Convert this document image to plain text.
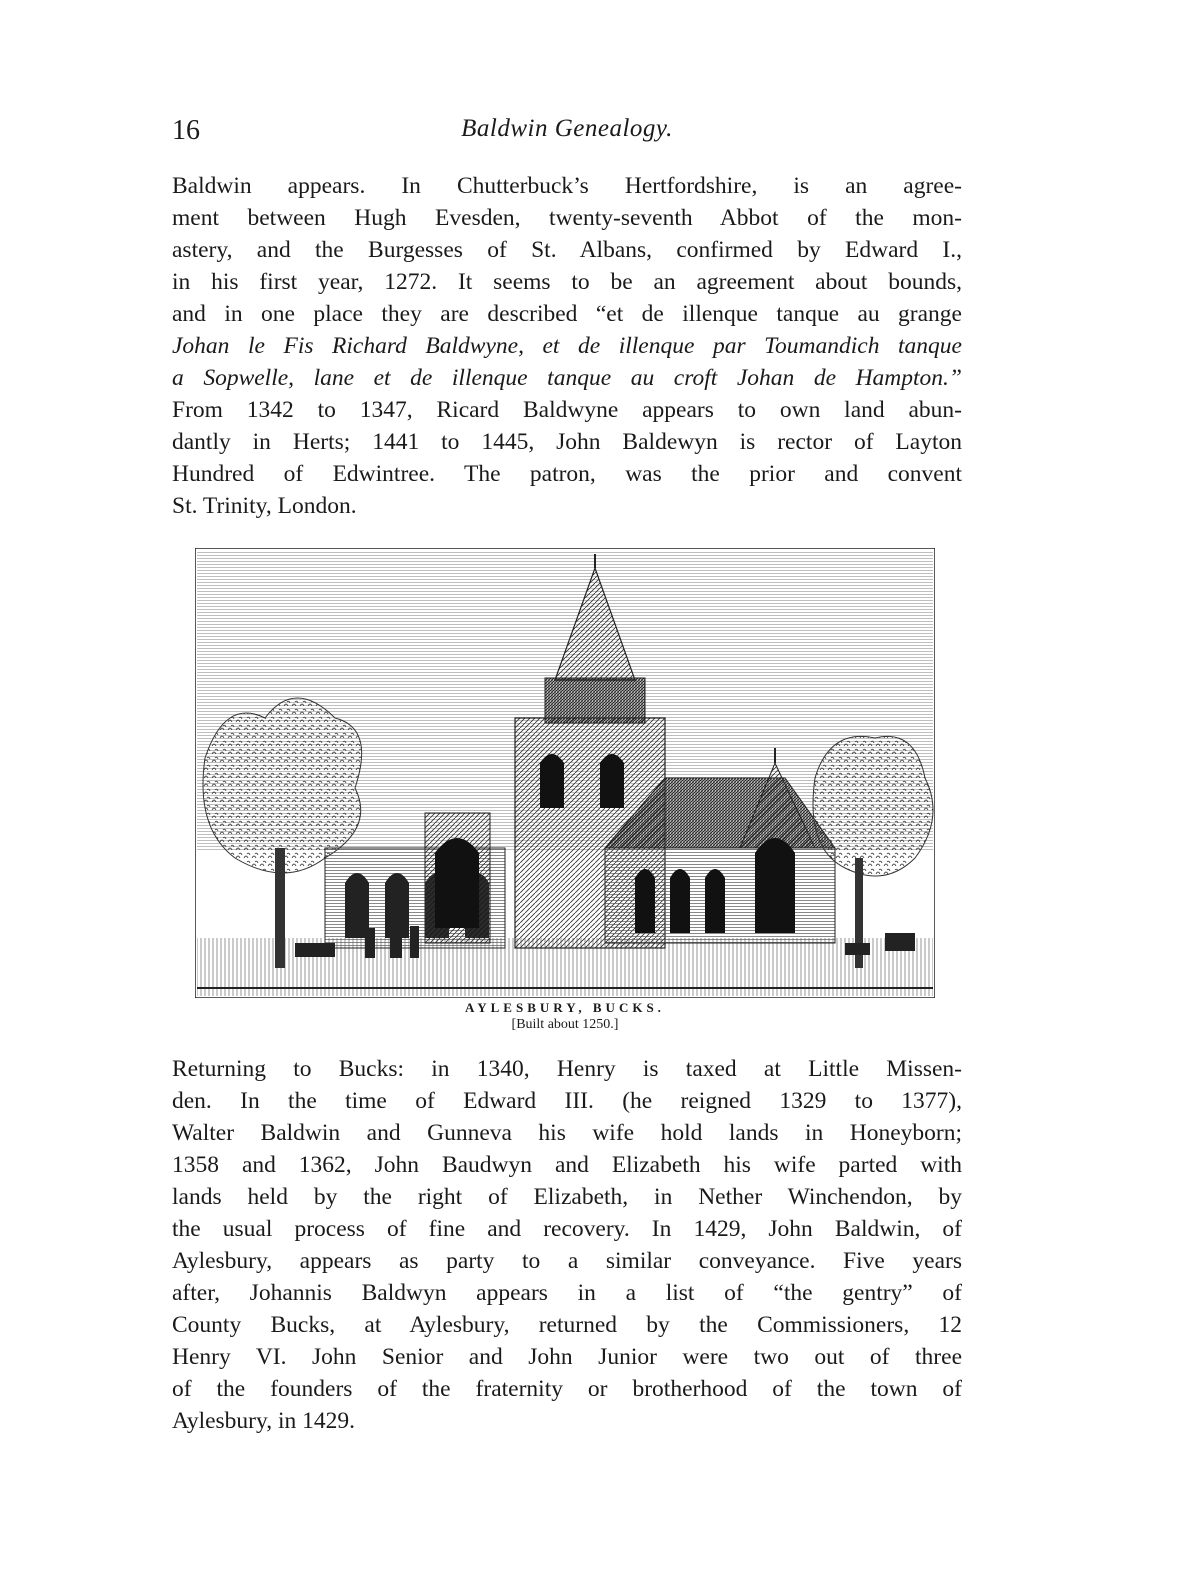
16	Baldwin Genealogy.
Baldwin appears. In Chutterbuck’s Hertfordshire, is an agree-
ment between Hugh Evesden, twenty-seventh Abbot of the mon-
astery, and the Burgesses of St. Albans, confirmed by Edward I.,
in his first year, 1272. It seems to be an agreement about bounds,
and in one place they are described “et de illenque tanque au grange
Johan le Fis Richard Baldwyne, et de illenque par Toumandich tanque
a Sopwelle, lane et de illenque tanque au croft Johan de Hampton.”
From 1342 to 1347, Ricard Baldwyne appears to own land abun-
dantly in Herts; 1441 to 1445, John Baldewyn is rector of Layton
Hundred of Edwintree. The patron, was the prior and convent
St. Trinity, London.
AYLESBURY, BUCKS.
[Built about 1250.]
Returning to Bucks: in 1340, Henry is taxed at Little Missen-
den. In the time of Edward III. (he reigned 1329 to 1377),
Walter Baldwin and Gunneva his wife hold lands in Honeyborn;
1358 and 1362, John Baudwyn and Elizabeth his wife parted with
lands held by the right of Elizabeth, in Nether Winchendon, by
the usual process of fine and recovery. In 1429, John Baldwin, of
Aylesbury, appears as party to a similar conveyance. Five years
after, Johannis Baldwyn appears in a list of “the gentry” of
County Bucks, at Aylesbury, returned by the Commissioners, 12
Henry VI. John Senior and John Junior were two out of three
of the founders of the fraternity or brotherhood of the town of
Aylesbury, in 1429.
